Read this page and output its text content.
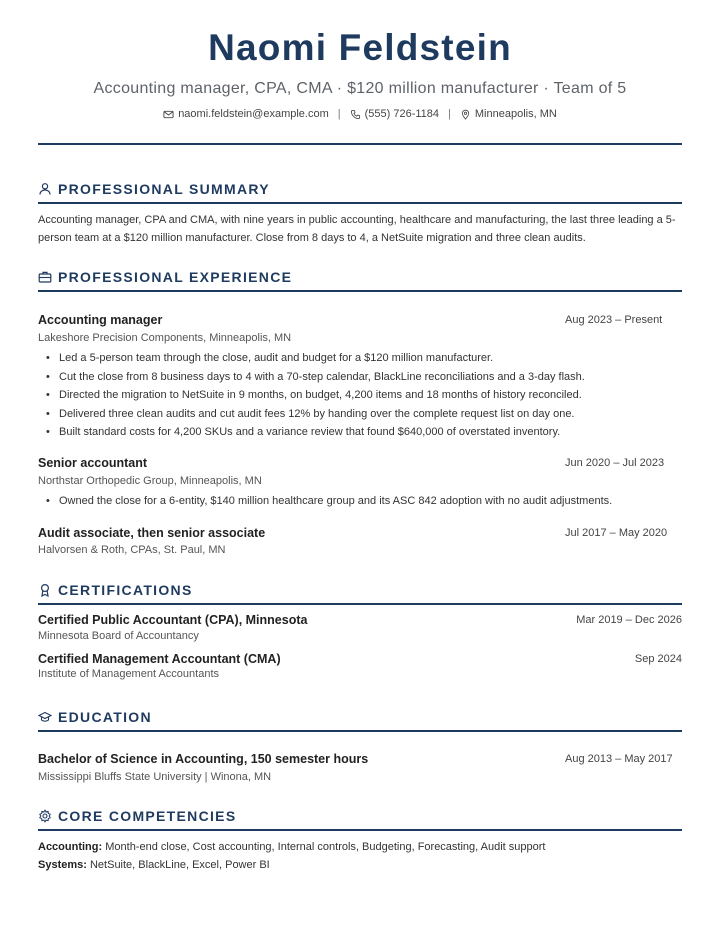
Naomi Feldstein
Accounting manager, CPA, CMA · $120 million manufacturer · Team of 5
naomi.feldstein@example.com | (555) 726-1184 | Minneapolis, MN
PROFESSIONAL SUMMARY
Accounting manager, CPA and CMA, with nine years in public accounting, healthcare and manufacturing, the last three leading a 5-person team at a $120 million manufacturer. Close from 8 days to 4, a NetSuite migration and three clean audits.
PROFESSIONAL EXPERIENCE
Accounting manager	Aug 2023 – Present
Lakeshore Precision Components, Minneapolis, MN
• Led a 5-person team through the close, audit and budget for a $120 million manufacturer.
• Cut the close from 8 business days to 4 with a 70-step calendar, BlackLine reconciliations and a 3-day flash.
• Directed the migration to NetSuite in 9 months, on budget, 4,200 items and 18 months of history reconciled.
• Delivered three clean audits and cut audit fees 12% by handing over the complete request list on day one.
• Built standard costs for 4,200 SKUs and a variance review that found $640,000 of overstated inventory.
Senior accountant	Jun 2020 – Jul 2023
Northstar Orthopedic Group, Minneapolis, MN
• Owned the close for a 6-entity, $140 million healthcare group and its ASC 842 adoption with no audit adjustments.
Audit associate, then senior associate	Jul 2017 – May 2020
Halvorsen & Roth, CPAs, St. Paul, MN
CERTIFICATIONS
Certified Public Accountant (CPA), Minnesota	Mar 2019 – Dec 2026
Minnesota Board of Accountancy
Certified Management Accountant (CMA)	Sep 2024
Institute of Management Accountants
EDUCATION
Bachelor of Science in Accounting, 150 semester hours	Aug 2013 – May 2017
Mississippi Bluffs State University | Winona, MN
CORE COMPETENCIES
Accounting: Month-end close, Cost accounting, Internal controls, Budgeting, Forecasting, Audit support
Systems: NetSuite, BlackLine, Excel, Power BI
